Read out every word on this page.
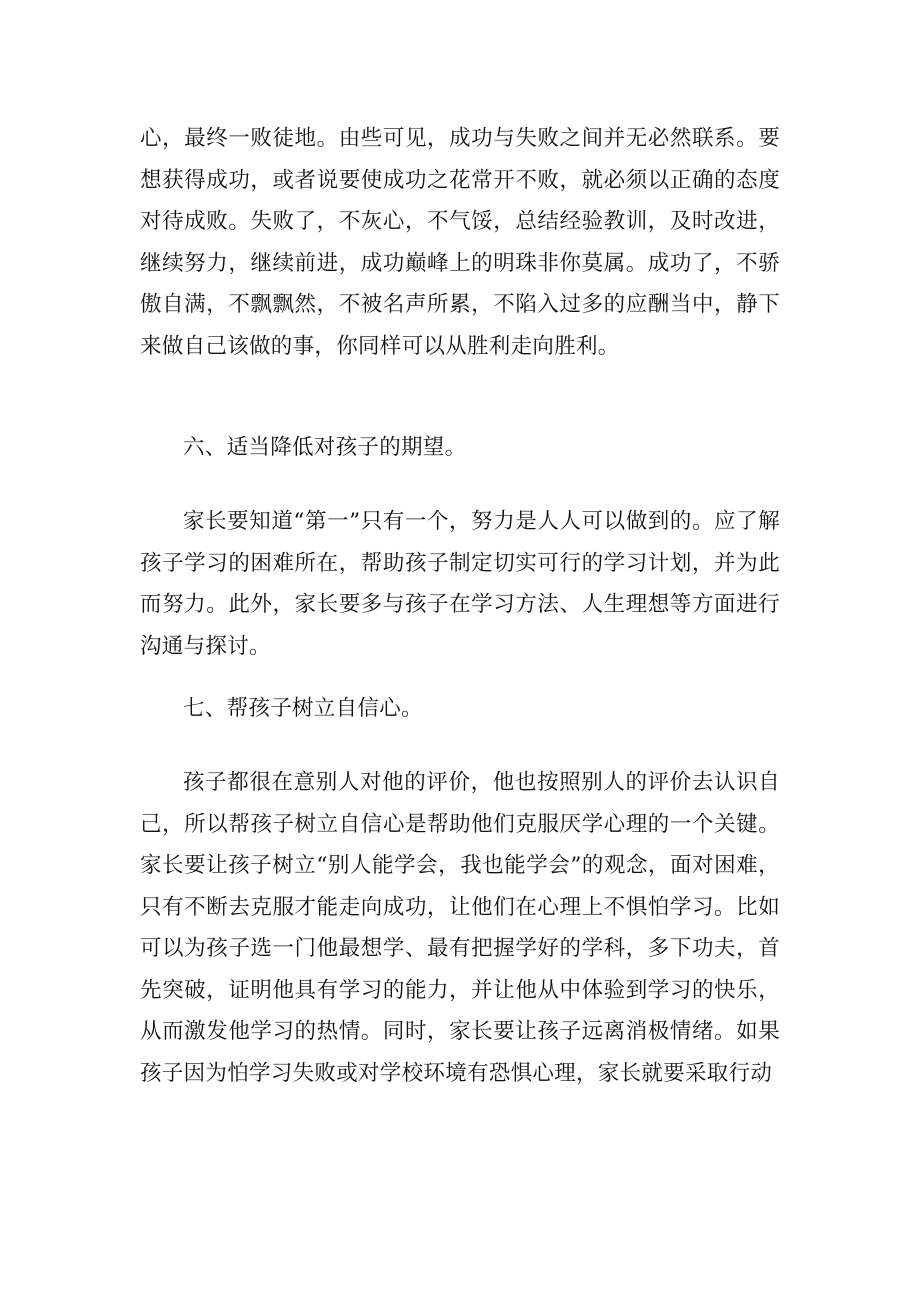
心，最终一败徒地。由些可见，成功与失败之间并无必然联系。要想获得成功，或者说要使成功之花常开不败，就必须以正确的态度对待成败。失败了，不灰心，不气馁，总结经验教训，及时改进，继续努力，继续前进，成功巅峰上的明珠非你莫属。成功了，不骄傲自满，不飘飘然，不被名声所累，不陷入过多的应酬当中，静下来做自己该做的事，你同样可以从胜利走向胜利。

六、适当降低对孩子的期望。

家长要知道“第一”只有一个，努力是人人可以做到的。应了解孩子学习的困难所在，帮助孩子制定切实可行的学习计划，并为此而努力。此外，家长要多与孩子在学习方法、人生理想等方面进行沟通与探讨。

七、帮孩子树立自信心。

孩子都很在意别人对他的评价，他也按照别人的评价去认识自己，所以帮孩子树立自信心是帮助他们克服厌学心理的一个关键。家长要让孩子树立“别人能学会，我也能学会”的观念，面对困难，只有不断去克服才能走向成功，让他们在心理上不惧怕学习。比如可以为孩子选一门他最想学、最有把握学好的学科，多下功夫，首先突破，证明他具有学习的能力，并让他从中体验到学习的快乐，从而激发他学习的热情。同时，家长要让孩子远离消极情绪。如果孩子因为怕学习失败或对学校环境有恐惧心理，家长就要采取行动
